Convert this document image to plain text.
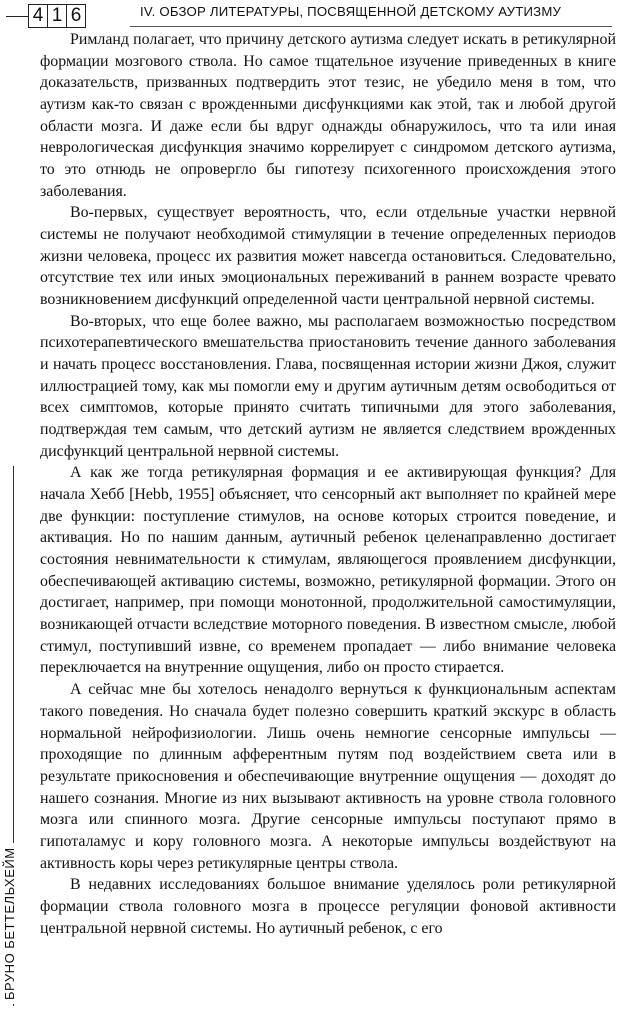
4 1 6	IV. ОБЗОР ЛИТЕРАТУРЫ, ПОСВЯЩЕННОЙ ДЕТСКОМУ АУТИЗМУ
БРУНО БЕТТЕЛЬХЕЙМ

Римланд полагает, что причину детского аутизма следует искать в ретикулярной формации мозгового ствола. Но самое тщательное изучение приведенных в книге доказательств, призванных подтвердить этот тезис, не убедило меня в том, что аутизм как-то связан с врожденными дисфункциями как этой, так и любой другой области мозга. И даже если бы вдруг однажды обнаружилось, что та или иная неврологическая дисфункция значимо коррелирует с синдромом детского аутизма, то это отнюдь не опровергло бы гипотезу психогенного происхождения этого заболевания.

Во-первых, существует вероятность, что, если отдельные участки нервной системы не получают необходимой стимуляции в течение определенных периодов жизни человека, процесс их развития может навсегда остановиться. Следовательно, отсутствие тех или иных эмоциональных переживаний в раннем возрасте чревато возникновением дисфункций определенной части центральной нервной системы.

Во-вторых, что еще более важно, мы располагаем возможностью посредством психотерапевтического вмешательства приостановить течение данного заболевания и начать процесс восстановления. Глава, посвященная истории жизни Джоя, служит иллюстрацией тому, как мы помогли ему и другим аутичным детям освободиться от всех симптомов, которые принято считать типичными для этого заболевания, подтверждая тем самым, что детский аутизм не является следствием врожденных дисфункций центральной нервной системы.

А как же тогда ретикулярная формация и ее активирующая функция? Для начала Хебб [Hebb, 1955] объясняет, что сенсорный акт выполняет по крайней мере две функции: поступление стимулов, на основе которых строится поведение, и активация. Но по нашим данным, аутичный ребенок целенаправленно достигает состояния невнимательности к стимулам, являющегося проявлением дисфункции, обеспечивающей активацию системы, возможно, ретикулярной формации. Этого он достигает, например, при помощи монотонной, продолжительной самостимуляции, возникающей отчасти вследствие моторного поведения. В известном смысле, любой стимул, поступивший извне, со временем пропадает — либо внимание человека переключается на внутренние ощущения, либо он просто стирается.

А сейчас мне бы хотелось ненадолго вернуться к функциональным аспектам такого поведения. Но сначала будет полезно совершить краткий экскурс в область нормальной нейрофизиологии. Лишь очень немногие сенсорные импульсы — проходящие по длинным афферентным путям под воздействием света или в результате прикосновения и обеспечивающие внутренние ощущения — доходят до нашего сознания. Многие из них вызывают активность на уровне ствола головного мозга или спинного мозга. Другие сенсорные импульсы поступают прямо в гипоталамус и кору головного мозга. А некоторые импульсы воздействуют на активность коры через ретикулярные центры ствола.

В недавних исследованиях большое внимание уделялось роли ретикулярной формации ствола головного мозга в процессе регуляции фоновой активности центральной нервной системы. Но аутичный ребенок, с его
